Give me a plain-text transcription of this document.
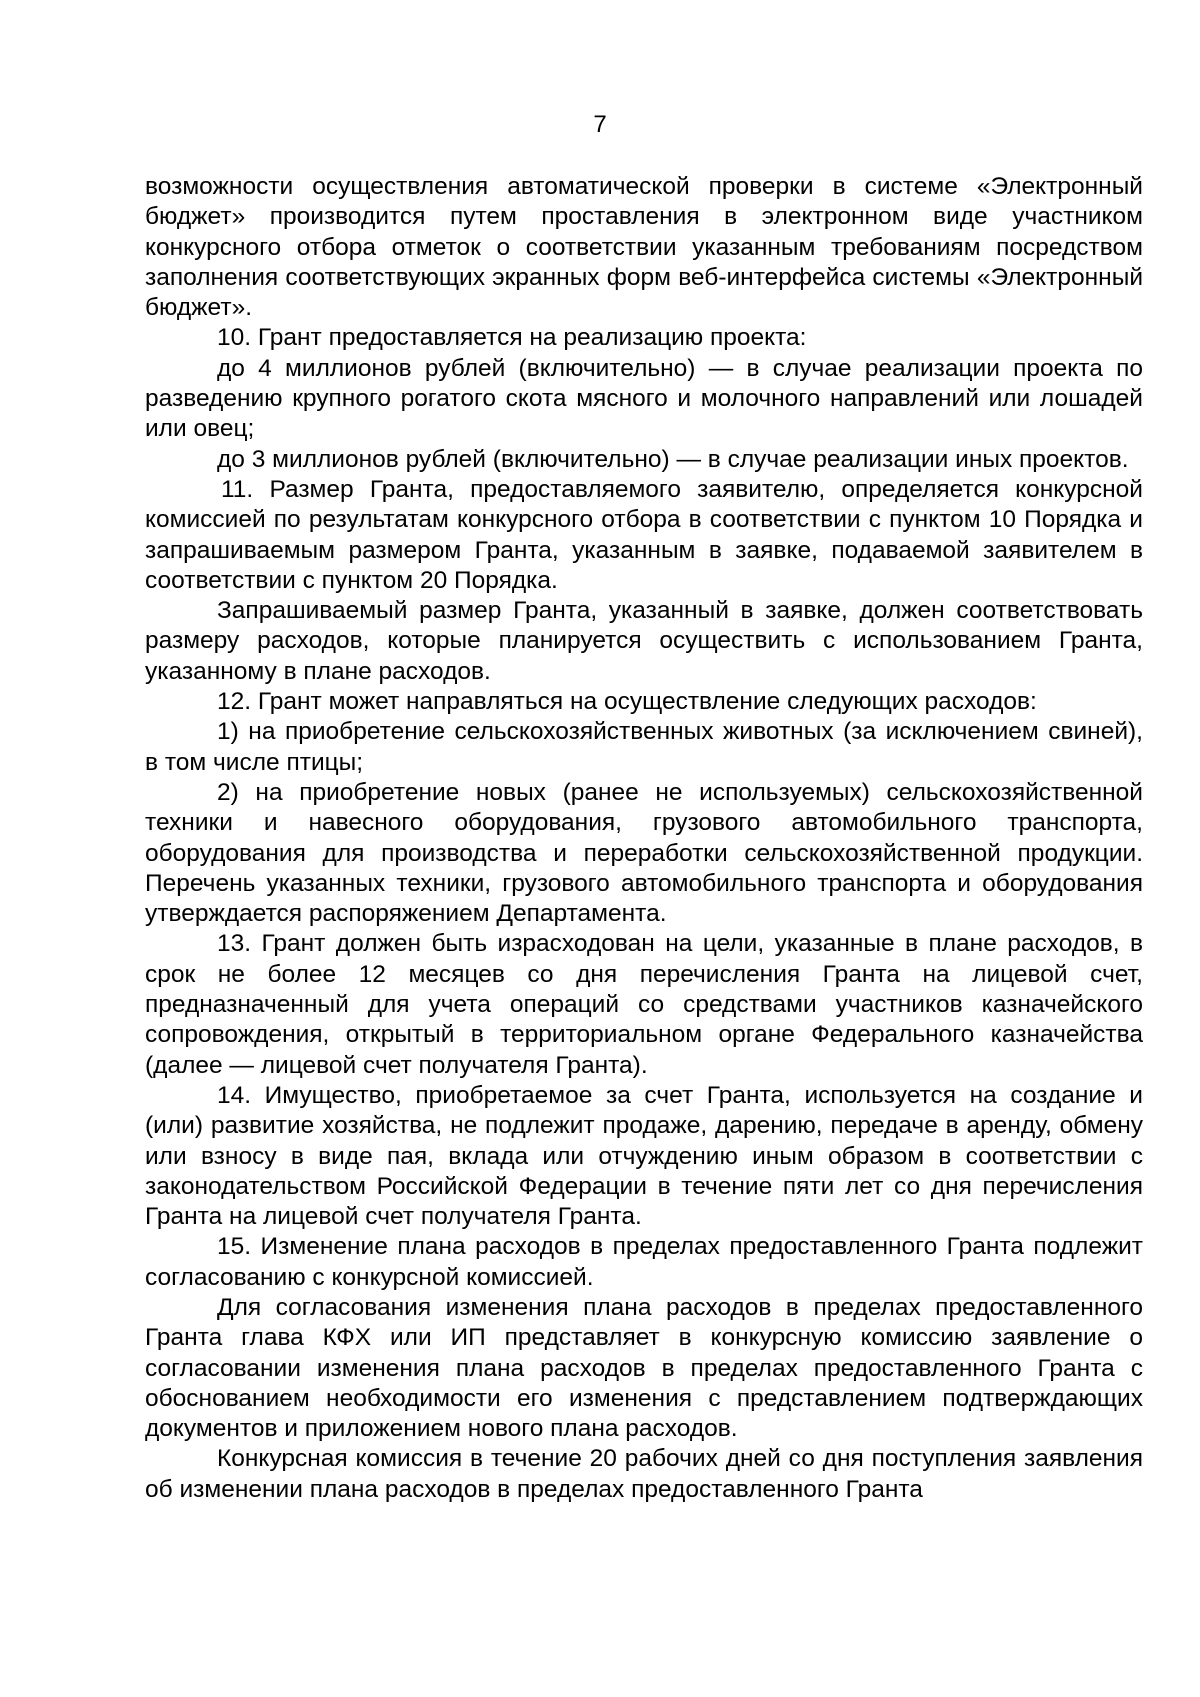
7

возможности осуществления автоматической проверки в системе «Электронный бюджет» производится путем проставления в электронном виде участником конкурсного отбора отметок о соответствии указанным требованиям посредством заполнения соответствующих экранных форм веб-интерфейса системы «Электронный бюджет».

10. Грант предоставляется на реализацию проекта:

до 4 миллионов рублей (включительно) — в случае реализации проекта по разведению крупного рогатого скота мясного и молочного направлений или лошадей или овец;

до 3 миллионов рублей (включительно) — в случае реализации иных проектов.

11. Размер Гранта, предоставляемого заявителю, определяется конкурсной комиссией по результатам конкурсного отбора в соответствии с пунктом 10 Порядка и запрашиваемым размером Гранта, указанным в заявке, подаваемой заявителем в соответствии с пунктом 20 Порядка.

Запрашиваемый размер Гранта, указанный в заявке, должен соответствовать размеру расходов, которые планируется осуществить с использованием Гранта, указанному в плане расходов.

12. Грант может направляться на осуществление следующих расходов:

1) на приобретение сельскохозяйственных животных (за исключением свиней), в том числе птицы;

2) на приобретение новых (ранее не используемых) сельскохозяйственной техники и навесного оборудования, грузового автомобильного транспорта, оборудования для производства и переработки сельскохозяйственной продукции. Перечень указанных техники, грузового автомобильного транспорта и оборудования утверждается распоряжением Департамента.

13. Грант должен быть израсходован на цели, указанные в плане расходов, в срок не более 12 месяцев со дня перечисления Гранта на лицевой счет, предназначенный для учета операций со средствами участников казначейского сопровождения, открытый в территориальном органе Федерального казначейства (далее — лицевой счет получателя Гранта).

14. Имущество, приобретаемое за счет Гранта, используется на создание и (или) развитие хозяйства, не подлежит продаже, дарению, передаче в аренду, обмену или взносу в виде пая, вклада или отчуждению иным образом в соответствии с законодательством Российской Федерации в течение пяти лет со дня перечисления Гранта на лицевой счет получателя Гранта.

15. Изменение плана расходов в пределах предоставленного Гранта подлежит согласованию с конкурсной комиссией.

Для согласования изменения плана расходов в пределах предоставленного Гранта глава КФХ или ИП представляет в конкурсную комиссию заявление о согласовании изменения плана расходов в пределах предоставленного Гранта с обоснованием необходимости его изменения с представлением подтверждающих документов и приложением нового плана расходов.

Конкурсная комиссия в течение 20 рабочих дней со дня поступления заявления об изменении плана расходов в пределах предоставленного Гранта
